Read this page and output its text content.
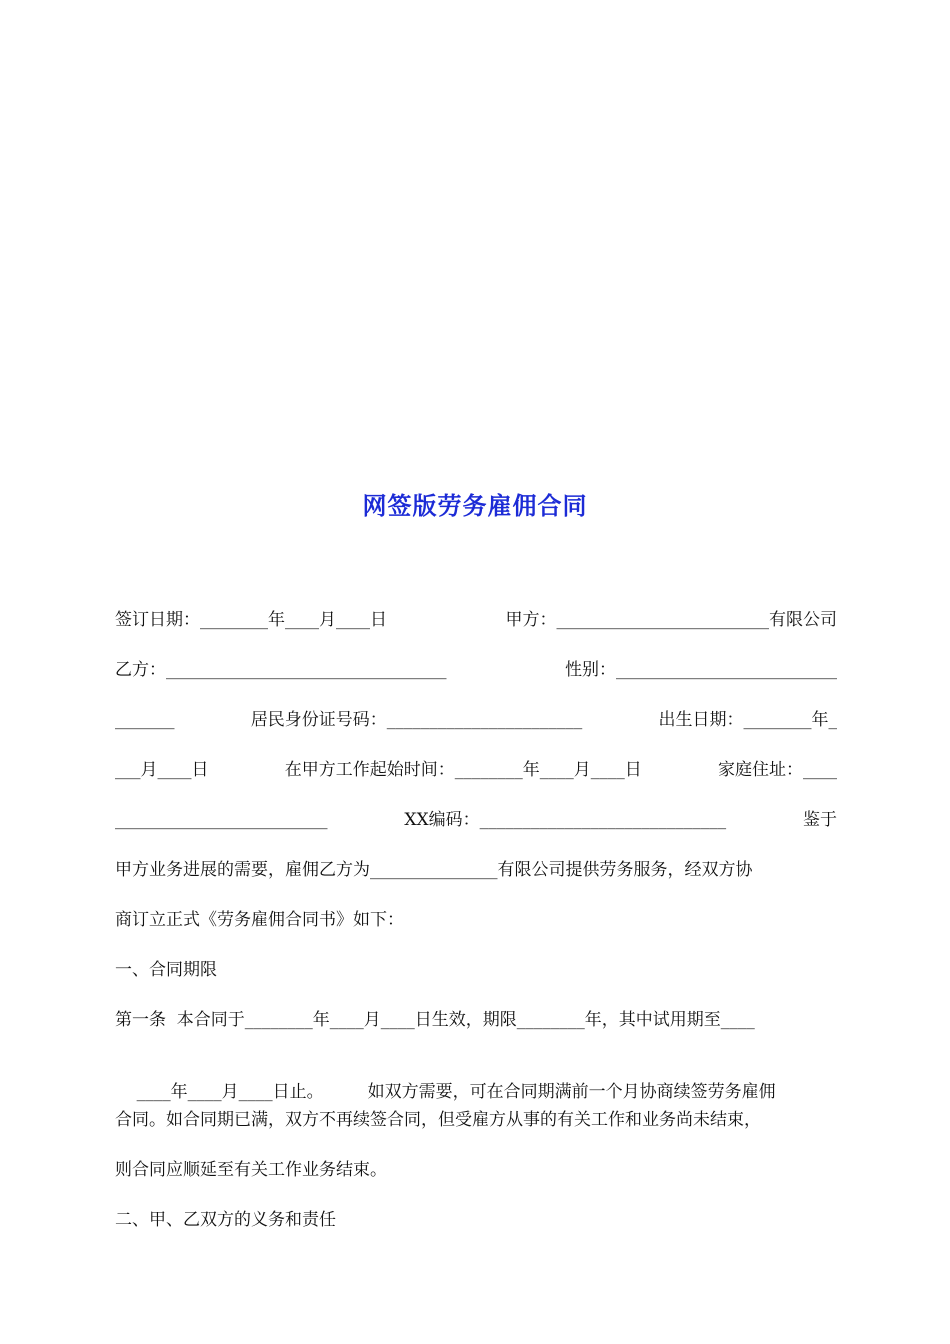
网签版劳务雇佣合同
签订日期：________年____月____日	甲方：_________________________有限公司
乙方：_________________________________	性别：__________________________
_______	居民身份证号码：_______________________	出生日期：________年_
___月____日	在甲方工作起始时间：________年____月____日	家庭住址：____
_________________________	XX编码：_____________________________	鉴于
甲方业务进展的需要，雇佣乙方为_______________有限公司提供劳务服务，经双方协
商订立正式《劳务雇佣合同书》如下：
一、合同期限
第一条  本合同于________年____月____日生效，期限________年，其中试用期至____

____年____月____日止。	如双方需要，可在合同期满前一个月协商续签劳务雇佣

合同。如合同期已满，双方不再续签合同，但受雇方从事的有关工作和业务尚未结束，
则合同应顺延至有关工作业务结束。
二、甲、乙双方的义务和责任
